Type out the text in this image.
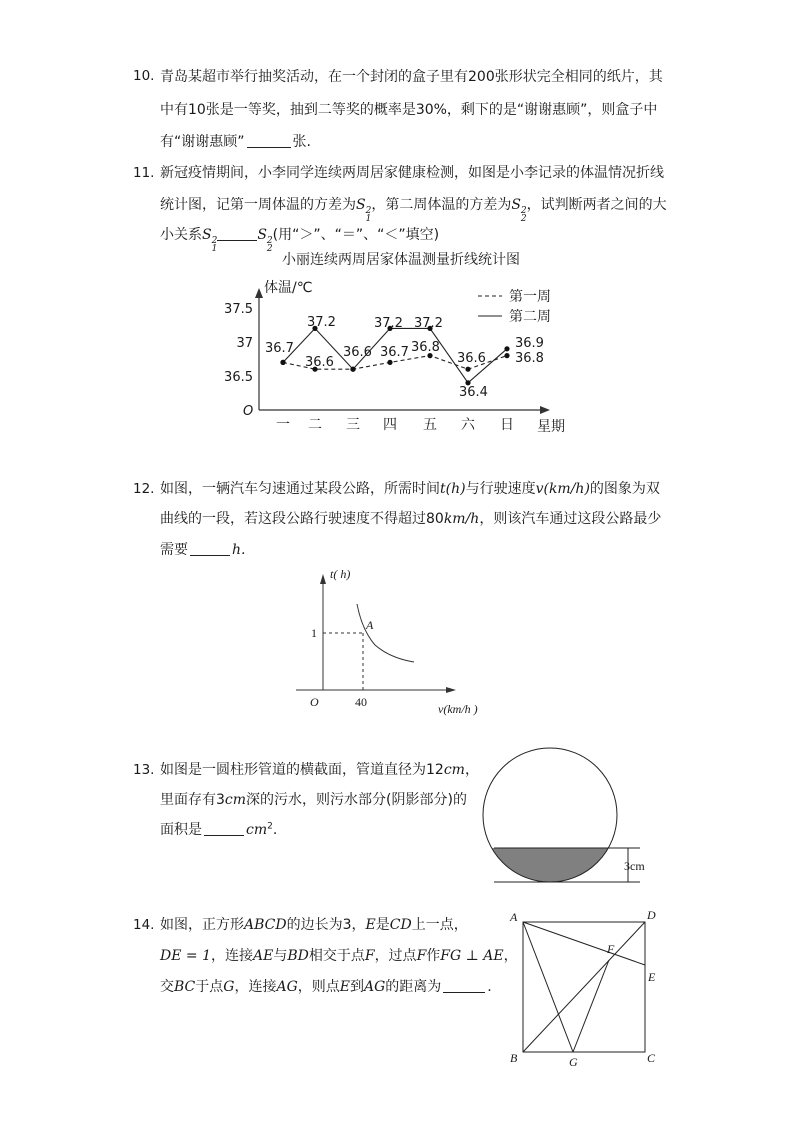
10. 青岛某超市举行抽奖活动，在一个封闭的盒子里有200张形状完全相同的纸片，其
中有10张是一等奖，抽到二等奖的概率是30%，剩下的是“谢谢惠顾”，则盒子中
有“谢谢惠顾”	张.
11. 新冠疫情期间，小李同学连续两周居家健康检测，如图是小李记录的体温情况折线
统计图，记第一周体温的方差为S 2
1
，第二周体温的方差为S 2
2
，试判断两者之间的大
小关系S 2
1
S 2
2
(用“＞”、“＝”、“＜”填空)
小丽连续两周居家体温测量折线统计图
体温/℃
星期
O
37.5
37
36.5
一 二 三 四 五 六 日
36.7
36.6
37.2
36.6 36.7
37.2
36.8
37.2
36.6
36.4
36.8
36.9
第一周
第二周
12. 如图，一辆汽车匀速通过某段公路，所需时间t(h)与行驶速度v(km/h)的图象为双
曲线的一段，若这段公路行驶速度不得超过80km/h，则该汽车通过这段公路最少
需要	h.
t( h)
v(km/h )
O
1
40
A
13. 如图是一圆柱形管道的横截面，管道直径为12cm，
里面存有3cm深的污水，则污水部分(阴影部分)的
面积是	$cm^2$.
3cm
14. 如图，正方形ABCD的边长为3，E是CD上一点，
DE = 1，连接AE与BD相交于点F，过点F作FG ⊥ AE，
交BC于点G，连接AG，则点E到AG的距离为	.
A	D
B	C
E
F
G
